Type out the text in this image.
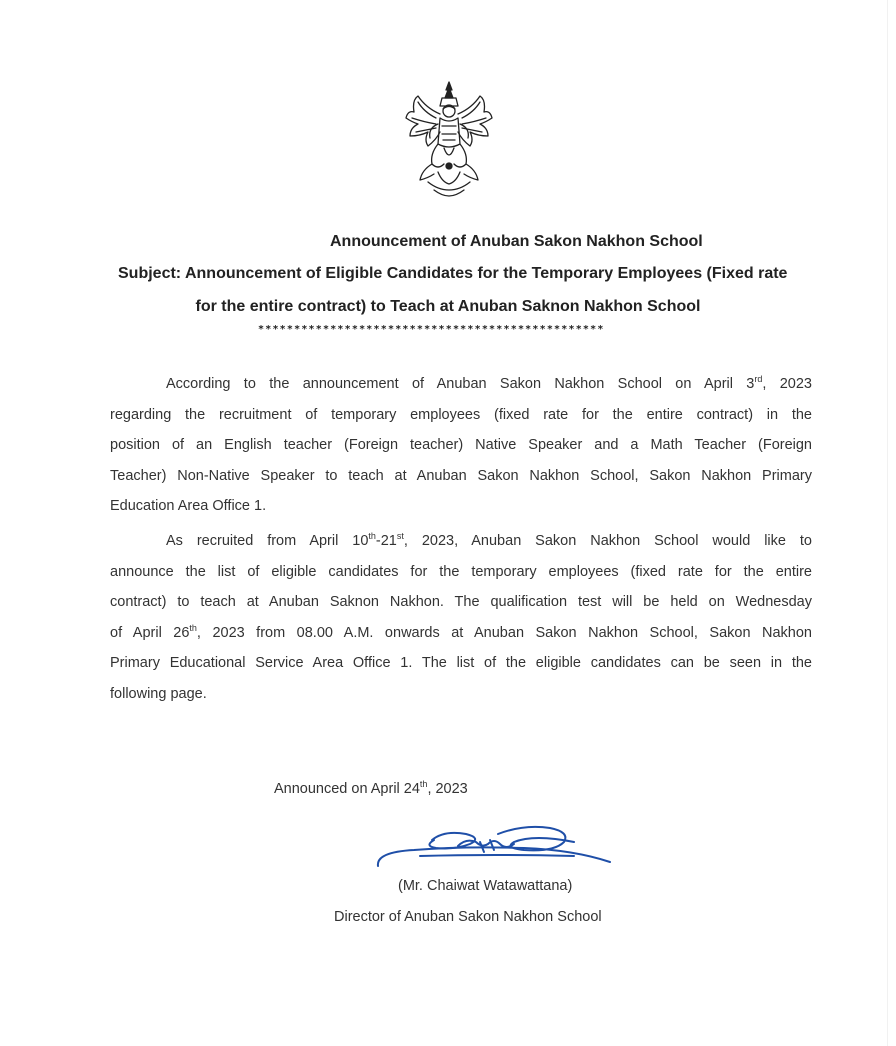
Announcement of Anuban Sakon Nakhon School
Subject: Announcement of Eligible Candidates for the Temporary Employees (Fixed rate
for the entire contract) to Teach at Anuban Saknon Nakhon School
************************************************
According to the announcement of Anuban Sakon Nakhon School on April 3rd, 2023
regarding the recruitment of temporary employees (fixed rate for the entire contract) in the
position of an English teacher (Foreign teacher) Native Speaker and a Math Teacher (Foreign
Teacher) Non-Native Speaker to teach at Anuban Sakon Nakhon School, Sakon Nakhon Primary
Education Area Office 1.
As recruited from April 10th-21st, 2023, Anuban Sakon Nakhon School would like to
announce the list of eligible candidates for the temporary employees (fixed rate for the entire
contract) to teach at Anuban Saknon Nakhon. The qualification test will be held on Wednesday
of April 26th, 2023 from 08.00 A.M. onwards at Anuban Sakon Nakhon School, Sakon Nakhon
Primary Educational Service Area Office 1. The list of the eligible candidates can be seen in the
following page.
Announced on April 24th, 2023
(Mr. Chaiwat Watawattana)
Director of Anuban Sakon Nakhon School
